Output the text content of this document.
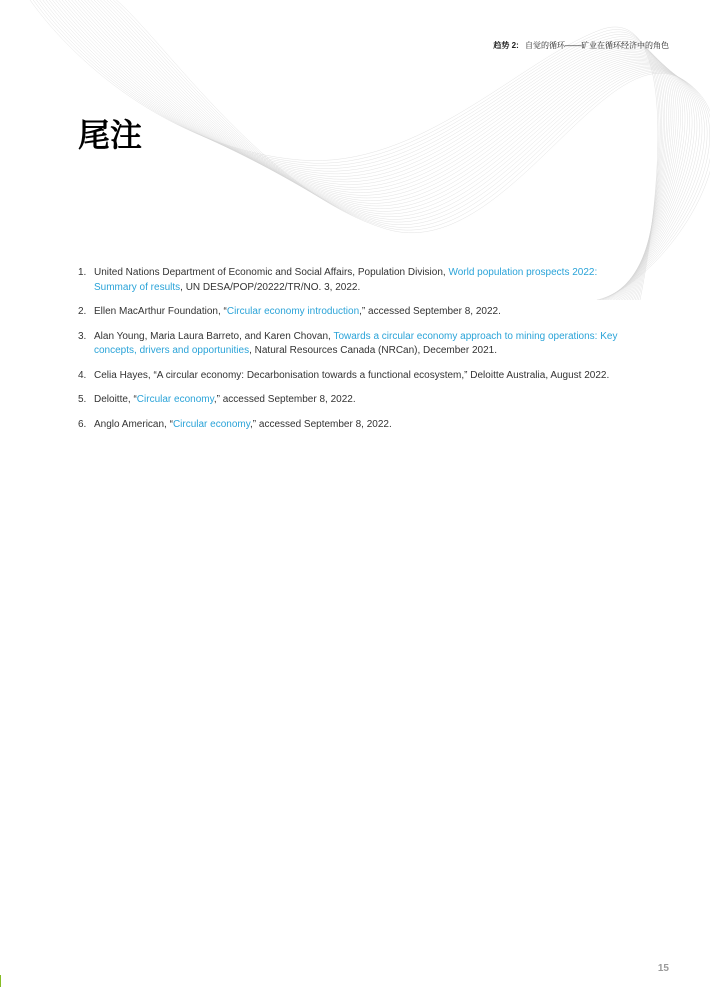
趋势 2: 自觉的循环——矿业在循环经济中的角色
尾注
1. United Nations Department of Economic and Social Affairs, Population Division, World population prospects 2022: Summary of results, UN DESA/POP/20222/TR/NO. 3, 2022.
2. Ellen MacArthur Foundation, “Circular economy introduction,” accessed September 8, 2022.
3. Alan Young, Maria Laura Barreto, and Karen Chovan, Towards a circular economy approach to mining operations: Key concepts, drivers and opportunities, Natural Resources Canada (NRCan), December 2021.
4. Celia Hayes, “A circular economy: Decarbonisation towards a functional ecosystem,” Deloitte Australia, August 2022.
5. Deloitte, “Circular economy,” accessed September 8, 2022.
6. Anglo American, “Circular economy,” accessed September 8, 2022.
15
